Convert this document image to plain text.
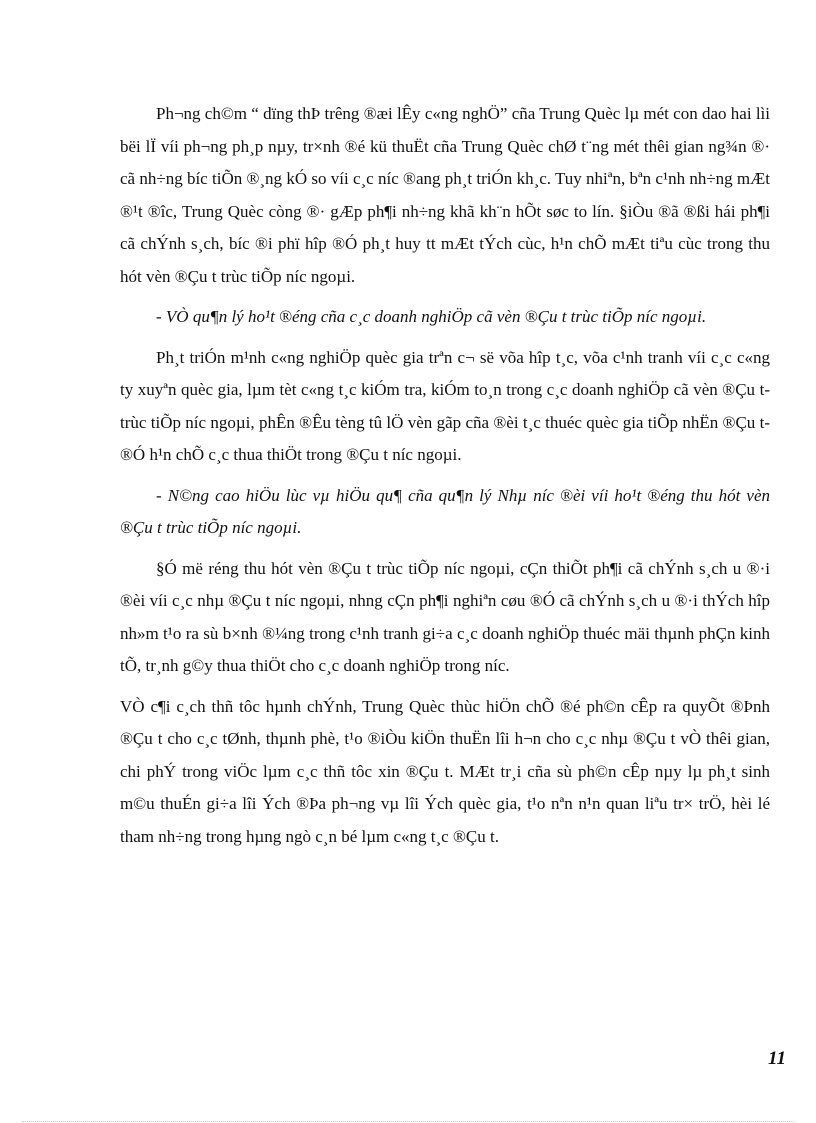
Ph¬ng ch©m “ dïng thÞ trêng ®æi lÊy c«ng nghÖ” cña Trung Quèc lµ mét con dao hai lìi bëi lÏ víi ph¬ng ph¸p nµy, tr×nh ®é kü thuËt cña Trung Quèc chØ t¨ng mét thêi gian ng¾n ®· cã nh÷ng bíc tiÕn ®¸ng kÓ so víi c¸c níc ®ang ph¸t triÓn kh¸c. Tuy nhiªn, bªn c¹nh nh÷ng mÆt ®¹t ®îc, Trung Quèc còng ®· gÆp ph¶i nh÷ng khã kh¨n hÕt søc to lín. §iÒu ®ã ®ßi hái ph¶i cã chÝnh s¸ch, bíc ®i phï hîp ®Ó ph¸t huy tt mÆt tÝch cùc, h¹n chÕ mÆt tiªu cùc trong thu hót vèn ®Çu t trùc tiÕp níc ngoµi.

- VÒ qu¶n lý ho¹t ®éng cña c¸c doanh nghiÖp cã vèn ®Çu t trùc tiÕp níc ngoµi.

Ph¸t triÓn m¹nh c«ng nghiÖp quèc gia trªn c¬ së võa hîp t¸c, võa c¹nh tranh víi c¸c c«ng ty xuyªn quèc gia, lµm tèt c«ng t¸c kiÓm tra, kiÓm to¸n trong c¸c doanh nghiÖp cã vèn ®Çu t trùc tiÕp níc ngoµi, phÊn ®Êu tèng tû lÖ vèn gãp cña ®èi t¸c thuéc quèc gia tiÕp nhËn ®Çu t ®Ó h¹n chÕ c¸c thua thiÖt trong ®Çu t níc ngoµi.

- N©ng cao hiÖu lùc vµ hiÖu qu¶ cña qu¶n lý Nhµ níc ®èi víi ho¹t ®éng thu hót vèn ®Çu t trùc tiÕp níc ngoµi.

§Ó më réng thu hót vèn ®Çu t trùc tiÕp níc ngoµi, cÇn thiÕt ph¶i cã chÝnh s¸ch u ®·i ®èi víi c¸c nhµ ®Çu t níc ngoµi, nhng cÇn ph¶i nghiªn cøu ®Ó cã chÝnh s¸ch u ®·i thÝch hîp nh»m t¹o ra sù b×nh ®¼ng trong c¹nh tranh gi÷a c¸c doanh nghiÖp thuéc mäi thµnh phÇn kinh tÕ, tr¸nh g©y thua thiÖt cho c¸c doanh nghiÖp trong níc.

VÒ c¶i c¸ch thñ tôc hµnh chÝnh, Trung Quèc thùc hiÖn chÕ ®é ph©n cÊp ra quyÕt ®Þnh ®Çu t cho c¸c tØnh, thµnh phè, t¹o ®iÒu kiÖn thuËn lîi h¬n cho c¸c nhµ ®Çu t vÒ thêi gian, chi phÝ trong viÖc lµm c¸c thñ tôc xin ®Çu t. MÆt tr¸i cña sù ph©n cÊp nµy lµ ph¸t sinh m©u thuÉn gi÷a lîi Ých ®Þa ph¬ng vµ lîi Ých quèc gia, t¹o nªn n¹n quan liªu tr× trÖ, hèi lé tham nh÷ng trong hµng ngò c¸n bé lµm c«ng t¸c ®Çu t.

11
